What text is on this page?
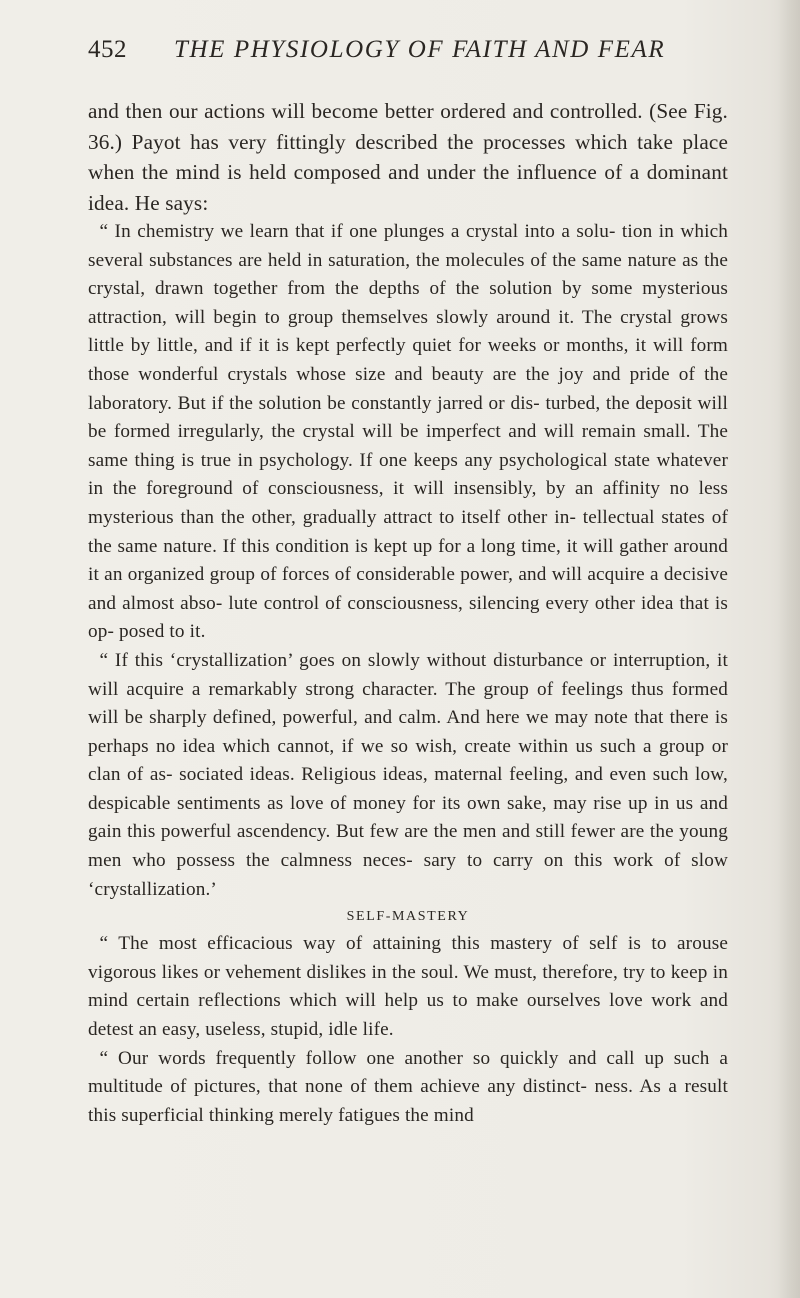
452 THE PHYSIOLOGY OF FAITH AND FEAR

and then our actions will become better ordered and controlled. (See Fig. 36.) Payot has very fittingly described the processes which take place when the mind is held composed and under the influence of a dominant idea. He says:

“ In chemistry we learn that if one plunges a crystal into a solu- tion in which several substances are held in saturation, the molecules of the same nature as the crystal, drawn together from the depths of the solution by some mysterious attraction, will begin to group themselves slowly around it. The crystal grows little by little, and if it is kept perfectly quiet for weeks or months, it will form those wonderful crystals whose size and beauty are the joy and pride of the laboratory. But if the solution be constantly jarred or dis- turbed, the deposit will be formed irregularly, the crystal will be imperfect and will remain small. The same thing is true in psychology. If one keeps any psychological state whatever in the foreground of consciousness, it will insensibly, by an affinity no less mysterious than the other, gradually attract to itself other in- tellectual states of the same nature. If this condition is kept up for a long time, it will gather around it an organized group of forces of considerable power, and will acquire a decisive and almost abso- lute control of consciousness, silencing every other idea that is op- posed to it.

“ If this ‘crystallization’ goes on slowly without disturbance or interruption, it will acquire a remarkably strong character. The group of feelings thus formed will be sharply defined, powerful, and calm. And here we may note that there is perhaps no idea which cannot, if we so wish, create within us such a group or clan of as- sociated ideas. Religious ideas, maternal feeling, and even such low, despicable sentiments as love of money for its own sake, may rise up in us and gain this powerful ascendency. But few are the men and still fewer are the young men who possess the calmness neces- sary to carry on this work of slow ‘crystallization.’

SELF-MASTERY

“ The most efficacious way of attaining this mastery of self is to arouse vigorous likes or vehement dislikes in the soul. We must, therefore, try to keep in mind certain reflections which will help us to make ourselves love work and detest an easy, useless, stupid, idle life.

“ Our words frequently follow one another so quickly and call up such a multitude of pictures, that none of them achieve any distinct- ness. As a result this superficial thinking merely fatigues the mind
